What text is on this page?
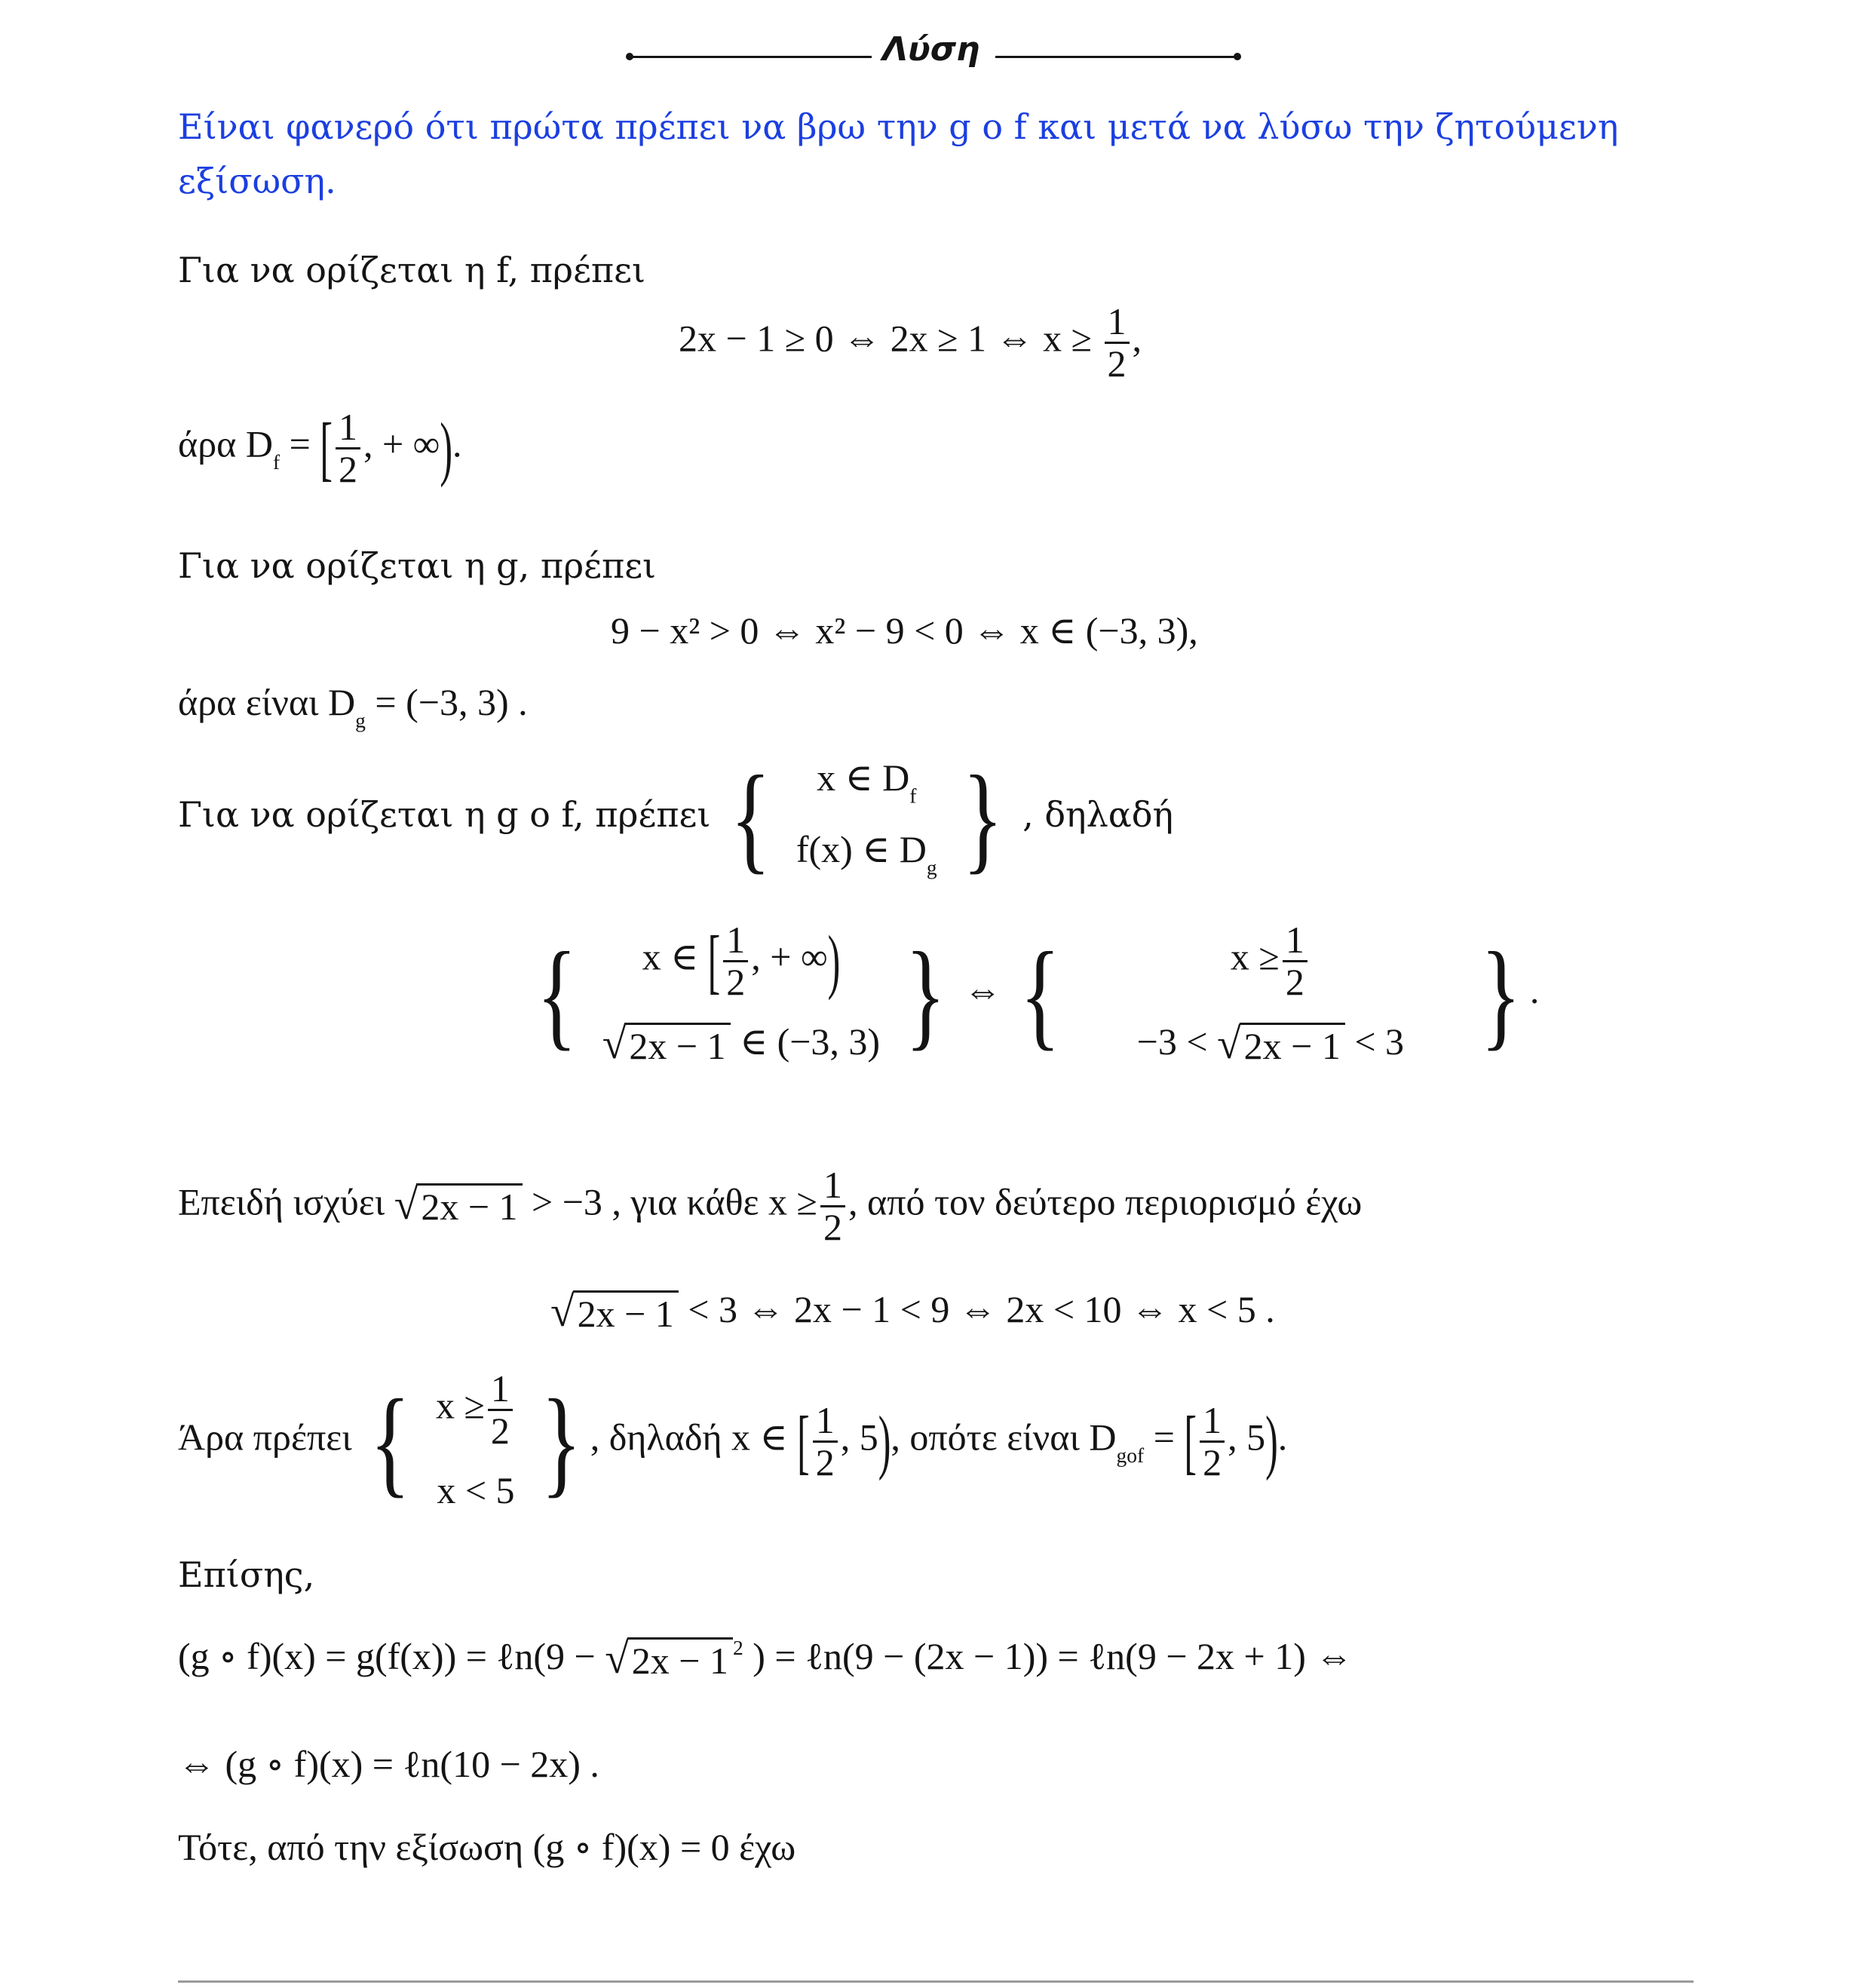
Λύση
Είναι φανερό ότι πρώτα πρέπει να βρω την g ο f και μετά να λύσω την ζητούμενη
εξίσωση.
Για να ορίζεται η f, πρέπει
2x − 1 ≥ 0 ⇔ 2x ≥ 1 ⇔ $x \ge \frac{1}{2}$ ,
άρα $D_f$ = [ $\frac{1}{2}$ , + ∞).
Για να ορίζεται η g, πρέπει
9 − x² > 0 ⇔ x² − 9 < 0 ⇔ x ∈ (−3, 3),
άρα είναι $D_g = (-3$, 3) .
Για να ορίζεται η g ο f, πρέπει { x ∈ $D_f$
f(x) ∈ $D_g$ } , δηλαδή
{ x ∈ [ $\frac{1}{2}$ , + ∞)
√ 2x − 1 ∈ (−3, 3) } ⇔ {	$x \ge \frac{1}{2}$
−3 < √ 2x − 1 < 3 } .
Επειδή ισχύει √ 2x − 1 > −3 , για κάθε $x \ge \frac{1}{2}$ , από τον δεύτερο περιορισμό έχω
√ 2x − 1 < 3 ⇔ 2x − 1 < 9 ⇔ 2x < 10 ⇔ x < 5 .
Άρα πρέπει { $x \ge \frac{1}{2}$
x < 5 } , δηλαδή x ∈ [ $\frac{1}{2}$ , 5), οπότε είναι $D_{gof}$ = [ $\frac{1}{2}$ , 5).
Επίσης,
(g ∘ f)(x) = g(f(x)) = ℓn(9 − √ 2x − 1 $^2$ ) = ℓn(9 − (2x − 1)) = ℓn(9 − 2x + 1) ⇔
⇔ (g ∘ f)(x) = ℓn(10 − 2x) .
Τότε, από την εξίσωση (g ∘ f)(x) = 0 έχω
